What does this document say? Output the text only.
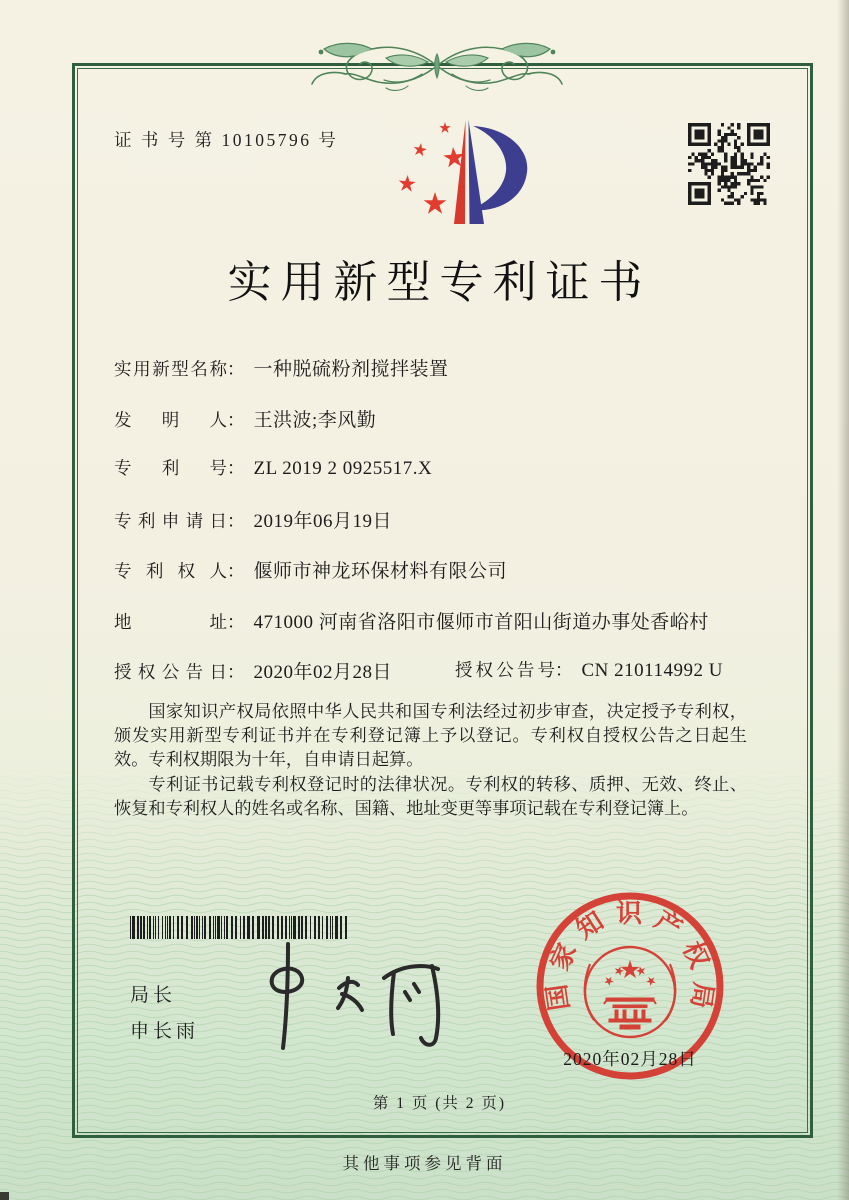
证 书 号 第 10105796 号
实用新型专利证书
实用新型名称： 一种脱硫粉剂搅拌装置
发明人： 王洪波;李风勤
专利号： ZL 2019 2 0925517.X
专利申请日： 2019年06月19日
专利权人： 偃师市神龙环保材料有限公司
地址： 471000 河南省洛阳市偃师市首阳山街道办事处香峪村
授权公告日： 2020年02月28日	授权公告号： CN 210114992 U

国家知识产权局依照中华人民共和国专利法经过初步审查，决定授予专利权，颁发实用新型专利证书并在专利登记簿上予以登记。专利权自授权公告之日起生效。专利权期限为十年，自申请日起算。

专利证书记载专利权登记时的法律状况。专利权的转移、质押、无效、终止、恢复和专利权人的姓名或名称、国籍、地址变更等事项记载在专利登记簿上。

局长
申长雨
国 家 知 识 产 权 局
2020年02月28日
第 1 页 (共 2 页)
其他事项参见背面
